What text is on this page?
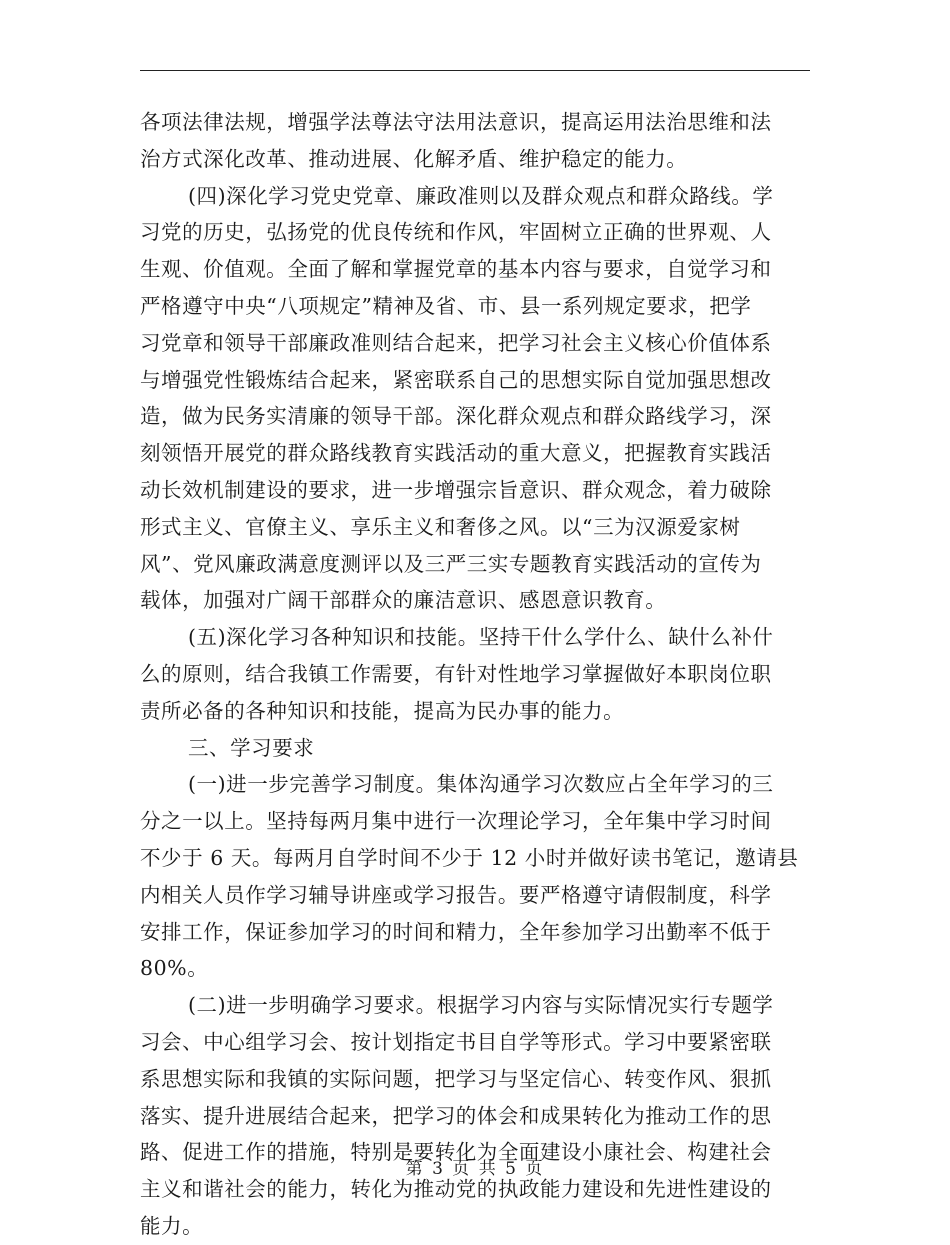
各项法律法规，增强学法尊法守法用法意识，提高运用法治思维和法
治方式深化改革、推动进展、化解矛盾、维护稳定的能力。
(四)深化学习党史党章、廉政准则以及群众观点和群众路线。学
习党的历史，弘扬党的优良传统和作风，牢固树立正确的世界观、人
生观、价值观。全面了解和掌握党章的基本内容与要求，自觉学习和
严格遵守中央“八项规定”精神及省、市、县一系列规定要求，把学
习党章和领导干部廉政准则结合起来，把学习社会主义核心价值体系
与增强党性锻炼结合起来，紧密联系自己的思想实际自觉加强思想改
造，做为民务实清廉的领导干部。深化群众观点和群众路线学习，深
刻领悟开展党的群众路线教育实践活动的重大意义，把握教育实践活
动长效机制建设的要求，进一步增强宗旨意识、群众观念，着力破除
形式主义、官僚主义、享乐主义和奢侈之风。以“三为汉源爱家树
风”、党风廉政满意度测评以及三严三实专题教育实践活动的宣传为
载体，加强对广阔干部群众的廉洁意识、感恩意识教育。
(五)深化学习各种知识和技能。坚持干什么学什么、缺什么补什
么的原则，结合我镇工作需要，有针对性地学习掌握做好本职岗位职
责所必备的各种知识和技能，提高为民办事的能力。
三、学习要求
(一)进一步完善学习制度。集体沟通学习次数应占全年学习的三
分之一以上。坚持每两月集中进行一次理论学习，全年集中学习时间
不少于 6 天。每两月自学时间不少于 12 小时并做好读书笔记，邀请县
内相关人员作学习辅导讲座或学习报告。要严格遵守请假制度，科学
安排工作，保证参加学习的时间和精力，全年参加学习出勤率不低于
80%。
(二)进一步明确学习要求。根据学习内容与实际情况实行专题学
习会、中心组学习会、按计划指定书目自学等形式。学习中要紧密联
系思想实际和我镇的实际问题，把学习与坚定信心、转变作风、狠抓
落实、提升进展结合起来，把学习的体会和成果转化为推动工作的思
路、促进工作的措施，特别是要转化为全面建设小康社会、构建社会
主义和谐社会的能力，转化为推动党的执政能力建设和先进性建设的
能力。
第 3 页 共 5 页
